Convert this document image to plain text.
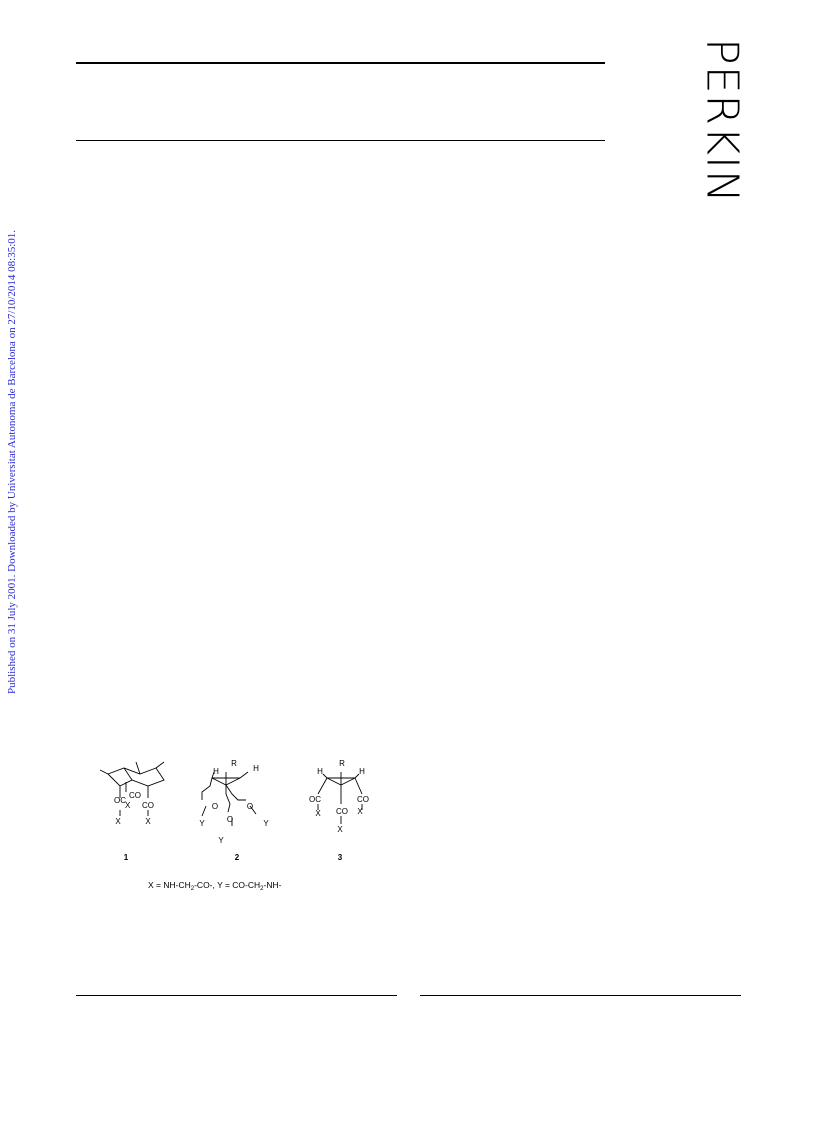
PERKIN
Published on 31 July 2001. Downloaded by Universitat Autonoma de Barcelona on 27/10/2014 08:35:01.
OC
CO
X
X
CO
X
1
R
H	H
O	O
O
Y	Y
Y
2
R
H	H
OC	CO
X	X
CO
X
3
$X = NH-CH_2-CO-$, $Y = CO-CH_2-NH-$
